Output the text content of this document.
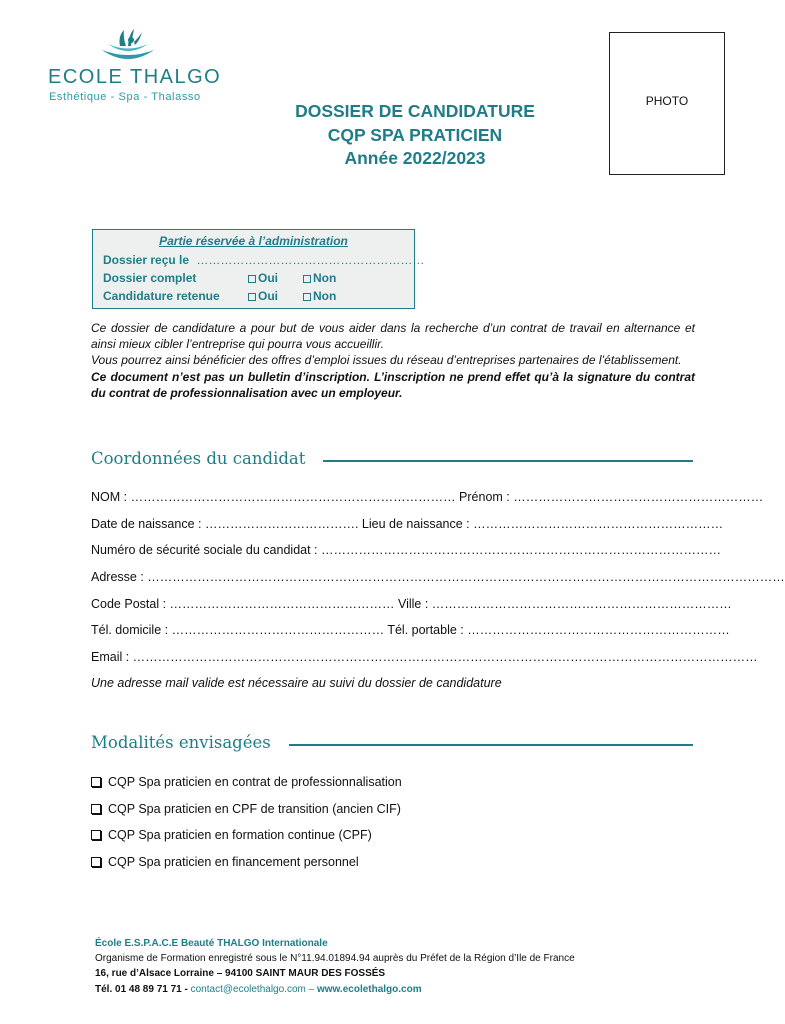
ECOLE THALGO
Esthétique - Spa - Thalasso	PHOTO
DOSSIER DE CANDIDATURE
CQP SPA PRATICIEN
Année 2022/2023
Partie réservée à l’administration
Dossier reçu le …………………………………………………
Dossier complet	Oui	Non
Candidature retenue	Oui	Non

Ce dossier de candidature a pour but de vous aider dans la recherche d’un contrat de travail en alternance et ainsi mieux cibler l’entreprise qui pourra vous accueillir.

Vous pourrez ainsi bénéficier des offres d’emploi issues du réseau d’entreprises partenaires de l’établissement.

Ce document n’est pas un bulletin d’inscription. L’inscription ne prend effet qu’à la signature du contrat du contrat de professionnalisation avec un employeur.

Coordonnées du candidat
NOM : …………………………………………………………………… Prénom : ……………………………………………………
Date de naissance : ………………………………. Lieu de naissance : ……………………………………………………
Numéro de sécurité sociale du candidat : ……………………………………………………………………………………
Adresse : ………………………………………………………………………………………………………………………………………
Code Postal : ……………………………………………… Ville : ………………………………………………………………
Tél. domicile : …………………………………………… Tél. portable : ………………………………………………………
Email : ……………………………………………………………………………………………………………………………………
Une adresse mail valide est nécessaire au suivi du dossier de candidature
Modalités envisagées
CQP Spa praticien en contrat de professionnalisation
CQP Spa praticien en CPF de transition (ancien CIF)
CQP Spa praticien en formation continue (CPF)
CQP Spa praticien en financement personnel
École E.S.P.A.C.E Beauté THALGO Internationale
Organisme de Formation enregistré sous le N°11.94.01894.94 auprès du Préfet de la Région d’Ile de France
16, rue d’Alsace Lorraine – 94100 SAINT MAUR DES FOSSÉS
Tél. 01 48 89 71 71 - contact@ecolethalgo.com – www.ecolethalgo.com
